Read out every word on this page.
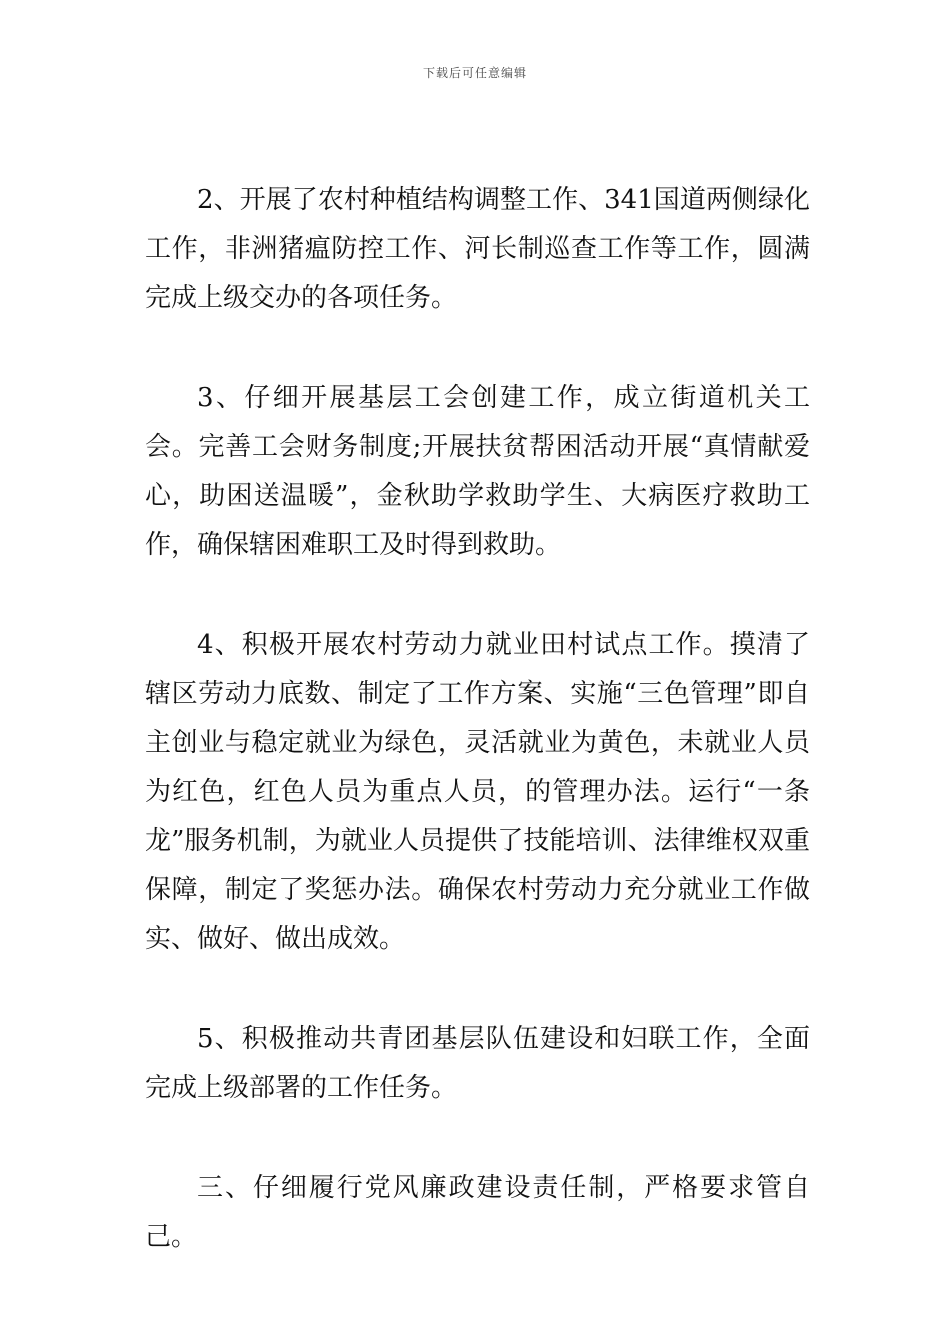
下载后可任意编辑

2、开展了农村种植结构调整工作、341国道两侧绿化工作，非洲猪瘟防控工作、河长制巡查工作等工作，圆满完成上级交办的各项任务。

3、仔细开展基层工会创建工作，成立街道机关工会。完善工会财务制度;开展扶贫帮困活动开展“真情献爱心，助困送温暖”，金秋助学救助学生、大病医疗救助工作，确保辖困难职工及时得到救助。

4、积极开展农村劳动力就业田村试点工作。摸清了辖区劳动力底数、制定了工作方案、实施“三色管理”即自主创业与稳定就业为绿色，灵活就业为黄色，未就业人员为红色，红色人员为重点人员，的管理办法。运行“一条龙”服务机制，为就业人员提供了技能培训、法律维权双重保障，制定了奖惩办法。确保农村劳动力充分就业工作做实、做好、做出成效。

5、积极推动共青团基层队伍建设和妇联工作，全面完成上级部署的工作任务。

三、仔细履行党风廉政建设责任制，严格要求管自己。
